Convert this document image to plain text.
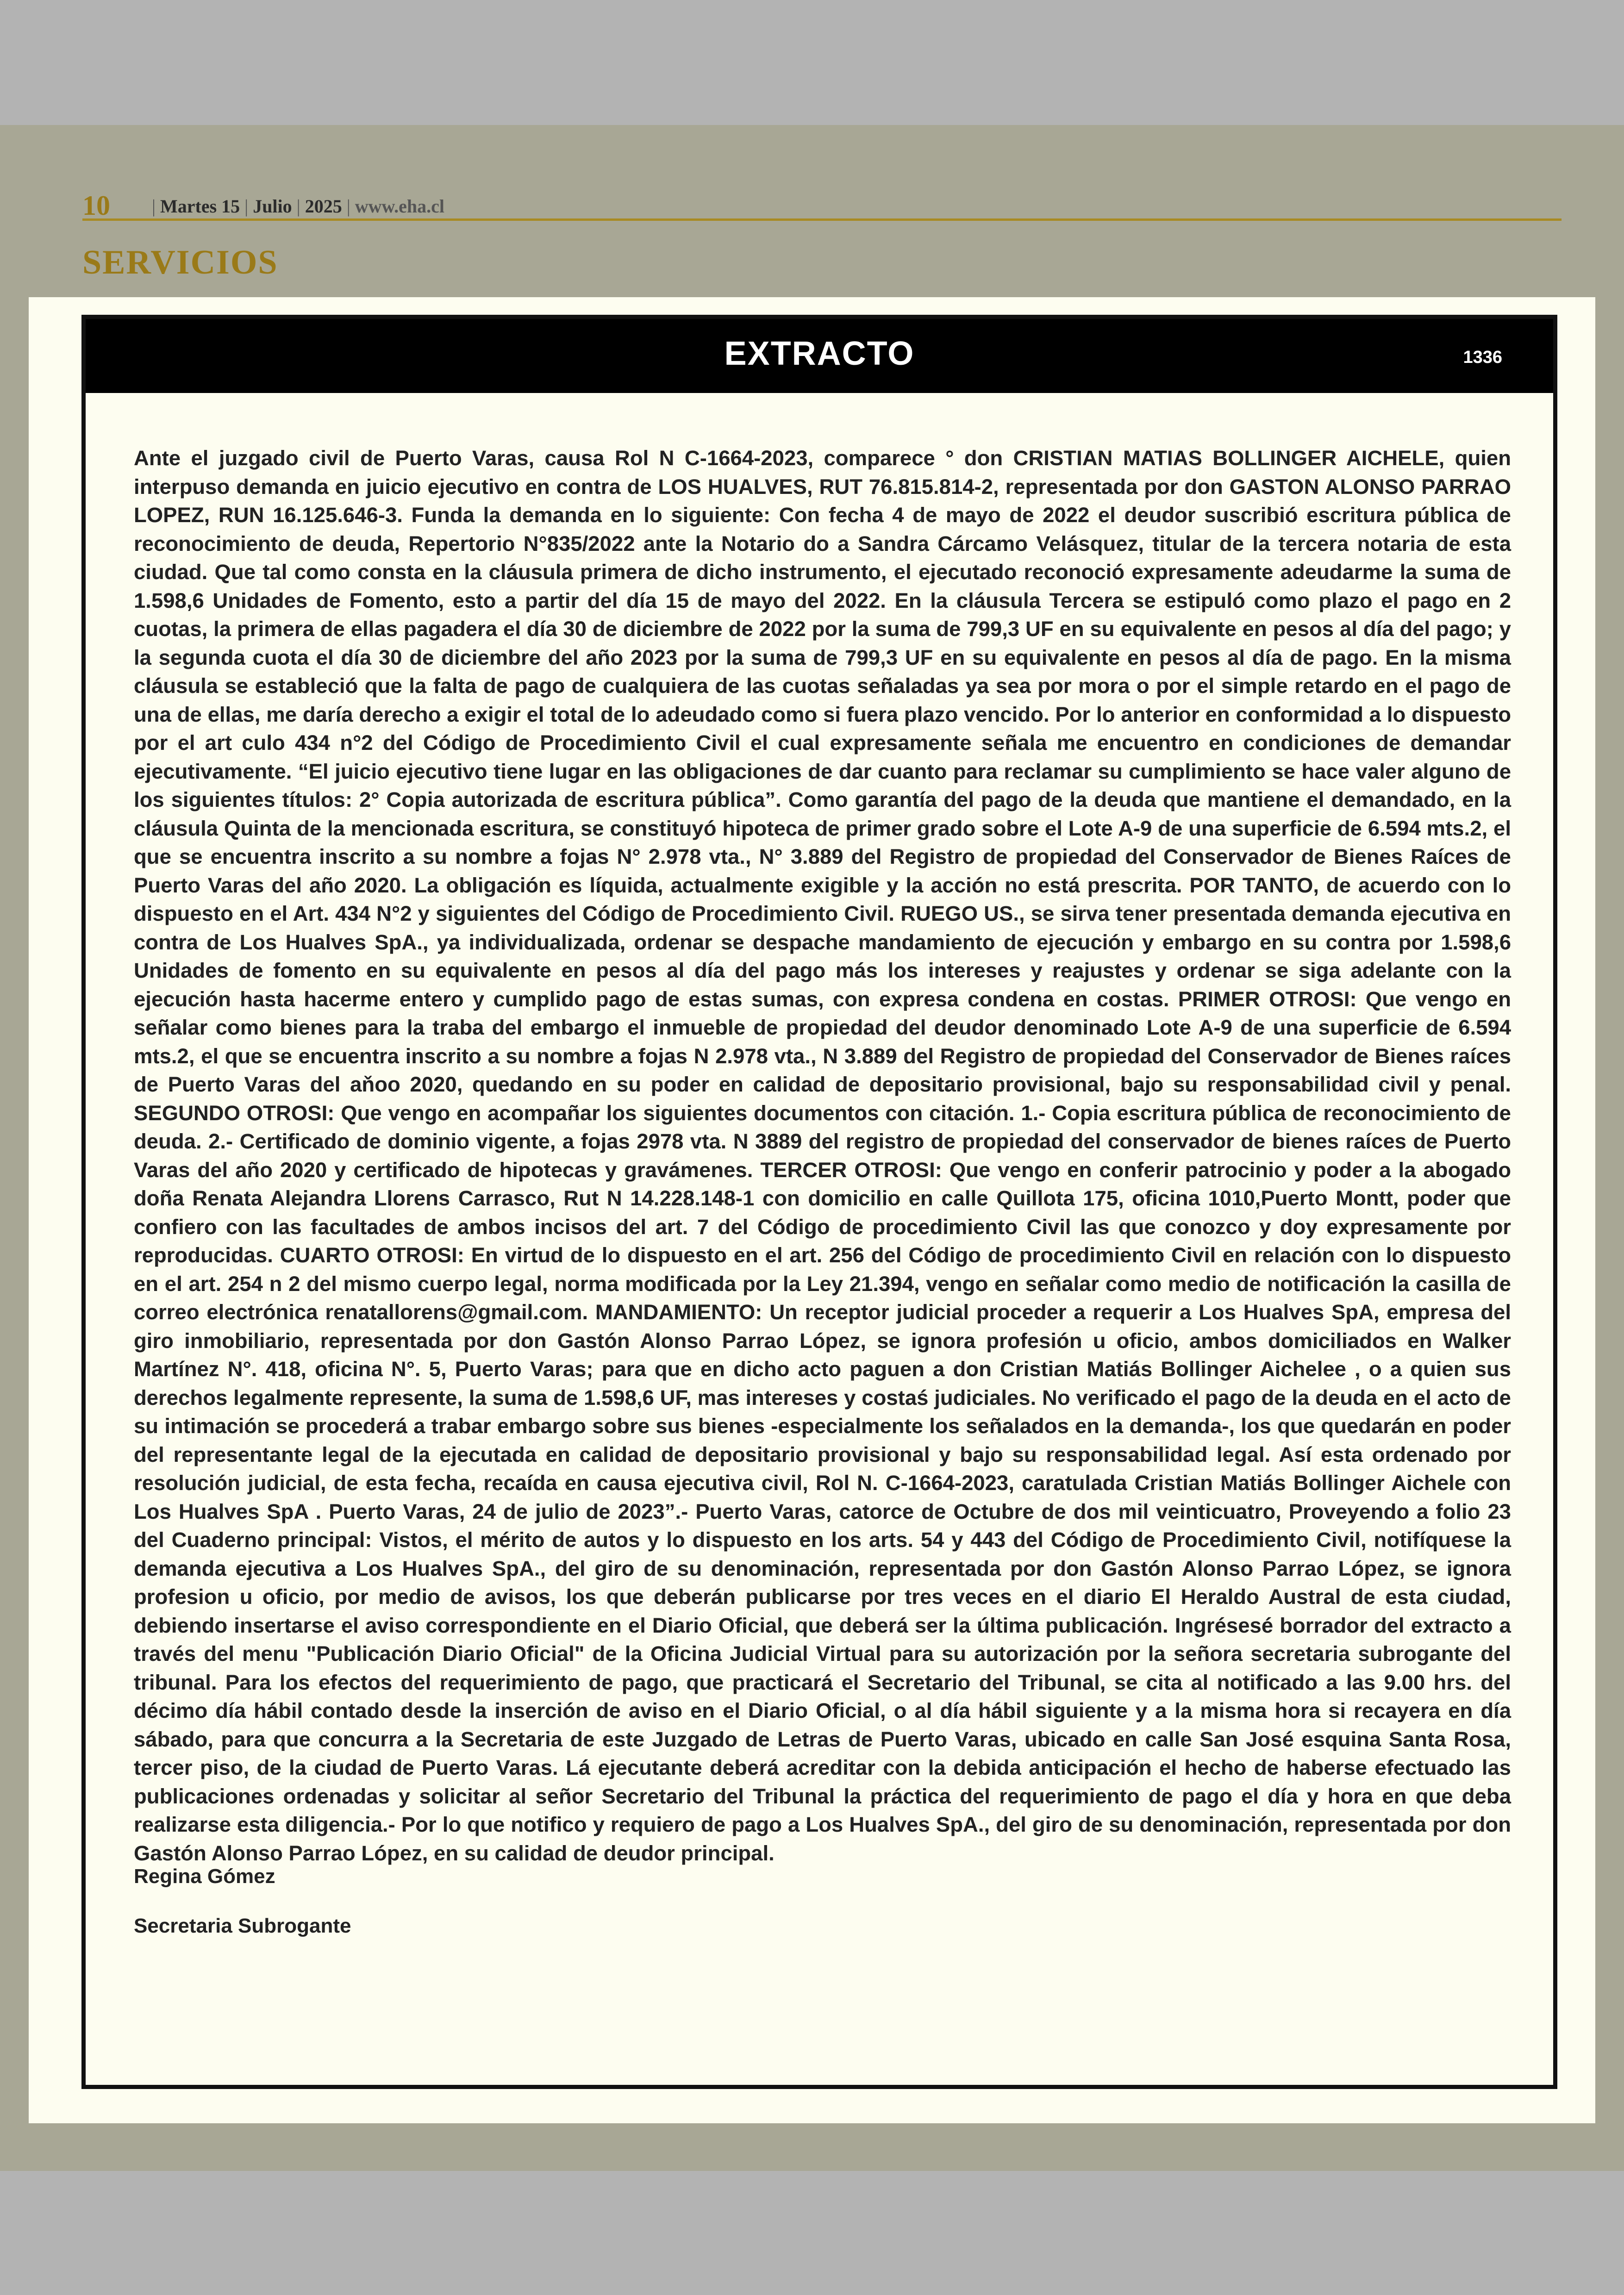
10 | Martes 15 | Julio | 2025 | www.eha.cl
SERVICIOS
EXTRACTO	1336

Ante el juzgado civil de Puerto Varas, causa Rol N C-1664-2023, comparece ° don CRISTIAN MATIAS BOLLINGER AICHELE, quien interpuso demanda en juicio ejecutivo en contra de LOS HUALVES, RUT 76.815.814-2, representada por don GASTON ALONSO PARRAO LOPEZ, RUN 16.125.646-3. Funda la demanda en lo siguiente: Con fecha 4 de mayo de 2022 el deudor suscribió escritura pública de reconocimiento de deuda, Repertorio N°835/2022 ante la Notario do a Sandra Cárcamo Velásquez, titular de la tercera notaria de esta ciudad. Que tal como consta en la cláusula primera de dicho instrumento, el ejecutado reconoció expresamente adeudarme la suma de 1.598,6 Unidades de Fomento, esto a partir del día 15 de mayo del 2022. En la cláusula Tercera se estipuló como plazo el pago en 2 cuotas, la primera de ellas pagadera el día 30 de diciembre de 2022 por la suma de 799,3 UF en su equivalente en pesos al día del pago; y la segunda cuota el día 30 de diciembre del año 2023 por la suma de 799,3 UF en su equivalente en pesos al día de pago. En la misma cláusula se estableció que la falta de pago de cualquiera de las cuotas señaladas ya sea por mora o por el simple retardo en el pago de una de ellas, me daría derecho a exigir el total de lo adeudado como si fuera plazo vencido. Por lo anterior en conformidad a lo dispuesto por el art culo 434 n°2 del Código de Procedimiento Civil el cual expresamente señala me encuentro en condiciones de demandar ejecutivamente. “El juicio ejecutivo tiene lugar en las obligaciones de dar cuanto para reclamar su cumplimiento se hace valer alguno de los siguientes títulos: 2° Copia autorizada de escritura pública”. Como garantía del pago de la deuda que mantiene el demandado, en la cláusula Quinta de la mencionada escritura, se constituyó hipoteca de primer grado sobre el Lote A-9 de una superficie de 6.594 mts.2, el que se encuentra inscrito a su nombre a fojas N° 2.978 vta., N° 3.889 del Registro de propiedad del Conservador de Bienes Raíces de Puerto Varas del año 2020. La obligación es líquida, actualmente exigible y la acción no está prescrita. POR TANTO, de acuerdo con lo dispuesto en el Art. 434 N°2 y siguientes del Código de Procedimiento Civil. RUEGO US., se sirva tener presentada demanda ejecutiva en contra de Los Hualves SpA., ya individualizada, ordenar se despache mandamiento de ejecución y embargo en su contra por 1.598,6 Unidades de fomento en su equivalente en pesos al día del pago más los intereses y reajustes y ordenar se siga adelante con la ejecución hasta hacerme entero y cumplido pago de estas sumas, con expresa condena en costas. PRIMER OTROSI: Que vengo en señalar como bienes para la traba del embargo el inmueble de propiedad del deudor denominado Lote A-9 de una superficie de 6.594 mts.2, el que se encuentra inscrito a su nombre a fojas N 2.978 vta., N 3.889 del Registro de propiedad del Conservador de Bienes raíces de Puerto Varas del aňoo 2020, quedando en su poder en calidad de depositario provisional, bajo su responsabilidad civil y penal. SEGUNDO OTROSI: Que vengo en acompañar los siguientes documentos con citación. 1.- Copia escritura pública de reconocimiento de deuda. 2.- Certificado de dominio vigente, a fojas 2978 vta. N 3889 del registro de propiedad del conservador de bienes raíces de Puerto Varas del año 2020 y certificado de hipotecas y gravámenes. TERCER OTROSI: Que vengo en conferir patrocinio y poder a la abogado doña Renata Alejandra Llorens Carrasco, Rut N 14.228.148-1 con domicilio en calle Quillota 175, oficina 1010,Puerto Montt, poder que confiero con las facultades de ambos incisos del art. 7 del Código de procedimiento Civil las que conozco y doy expresamente por reproducidas. CUARTO OTROSI: En virtud de lo dispuesto en el art. 256 del Código de procedimiento Civil en relación con lo dispuesto en el art. 254 n 2 del mismo cuerpo legal, norma modificada por la Ley 21.394, vengo en señalar como medio de notificación la casilla de correo electrónica renatallorens@gmail.com. MANDAMIENTO: Un receptor judicial proceder a requerir a Los Hualves SpA, empresa del giro inmobiliario, representada por don Gastón Alonso Parrao López, se ignora profesión u oficio, ambos domiciliados en Walker Martínez N°. 418, oficina N°. 5, Puerto Varas; para que en dicho acto paguen a don Cristian Matiás Bollinger Aichelee , o a quien sus derechos legalmente represente, la suma de 1.598,6 UF, mas intereses y costaś judiciales. No verificado el pago de la deuda en el acto de su intimación se procederá a trabar embargo sobre sus bienes -especialmente los señalados en la demanda-, los que quedarán en poder del representante legal de la ejecutada en calidad de depositario provisional y bajo su responsabilidad legal. Así esta ordenado por resolución judicial, de esta fecha, recaída en causa ejecutiva civil, Rol N. C-1664-2023, caratulada Cristian Matiás Bollinger Aichele con Los Hualves SpA . Puerto Varas, 24 de julio de 2023”.- Puerto Varas, catorce de Octubre de dos mil veinticuatro, Proveyendo a folio 23 del Cuaderno principal: Vistos, el mérito de autos y lo dispuesto en los arts. 54 y 443 del Código de Procedimiento Civil, notifíquese la demanda ejecutiva a Los Hualves SpA., del giro de su denominación, representada por don Gastón Alonso Parrao López, se ignora profesion u oficio, por medio de avisos, los que deberán publicarse por tres veces en el diario El Heraldo Austral de esta ciudad, debiendo insertarse el aviso correspondiente en el Diario Oficial, que deberá ser la última publicación. Ingrésesé borrador del extracto a través del menu "Publicación Diario Oficial" de la Oficina Judicial Virtual para su autorización por la señora secretaria subrogante del tribunal. Para los efectos del requerimiento de pago, que practicará el Secretario del Tribunal, se cita al notificado a las 9.00 hrs. del décimo día hábil contado desde la inserción de aviso en el Diario Oficial, o al día hábil siguiente y a la misma hora si recayera en día sábado, para que concurra a la Secretaria de este Juzgado de Letras de Puerto Varas, ubicado en calle San José esquina Santa Rosa, tercer piso, de la ciudad de Puerto Varas. Lá ejecutante deberá acreditar con la debida anticipación el hecho de haberse efectuado las publicaciones ordenadas y solicitar al señor Secretario del Tribunal la práctica del requerimiento de pago el día y hora en que deba realizarse esta diligencia.- Por lo que notifico y requiero de pago a Los Hualves SpA., del giro de su denominación, representada por don Gastón Alonso Parrao López, en su calidad de deudor principal.

Regina Gómez
Secretaria Subrogante
